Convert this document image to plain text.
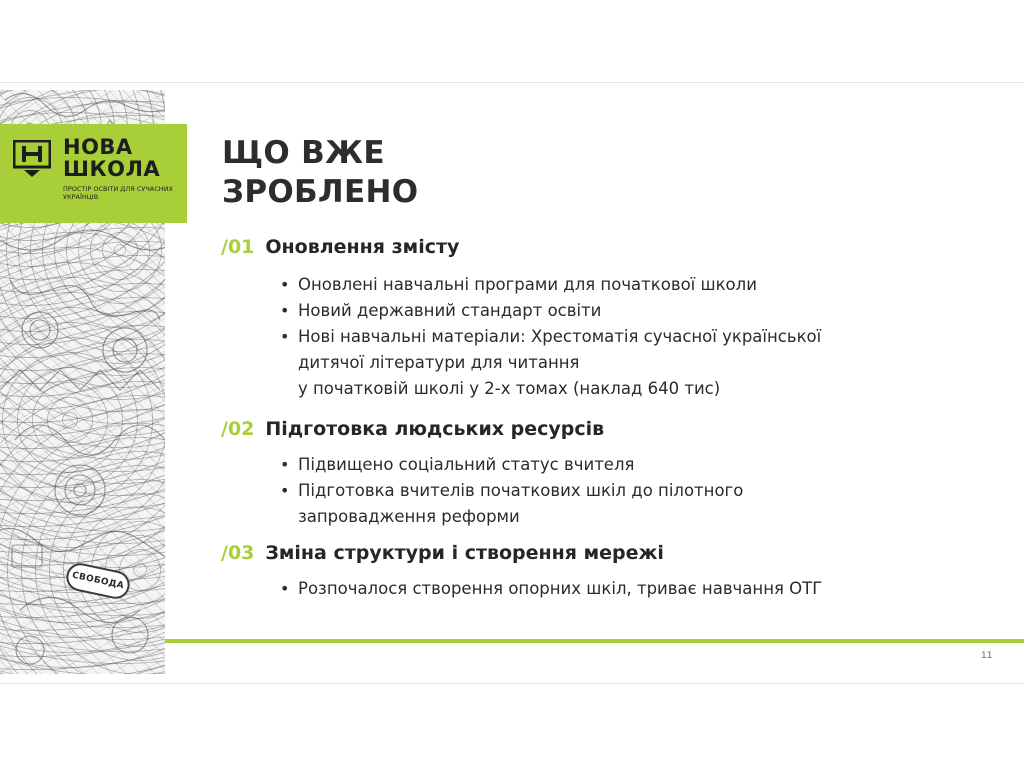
СВОБОДА
НОВА
ШКОЛА
ПРОСТІР ОСВІТИ ДЛЯ СУЧАСНИХ УКРАЇНЦІВ
ЩО ВЖЕ
ЗРОБЛЕНО
/01 Оновлення змісту
• Оновлені навчальні програми для початкової школи
• Новий державний стандарт освіти
• Нові навчальні матеріали: Хрестоматія сучасної української
дитячої літератури для читання
у початковій школі у 2-х томах (наклад 640 тис)
/02 Підготовка людських ресурсів
• Підвищено соціальний статус вчителя
• Підготовка вчителів початкових шкіл до пілотного
запровадження реформи
/03 Зміна структури і створення мережі
• Розпочалося створення опорних шкіл, триває навчання ОТГ
11
